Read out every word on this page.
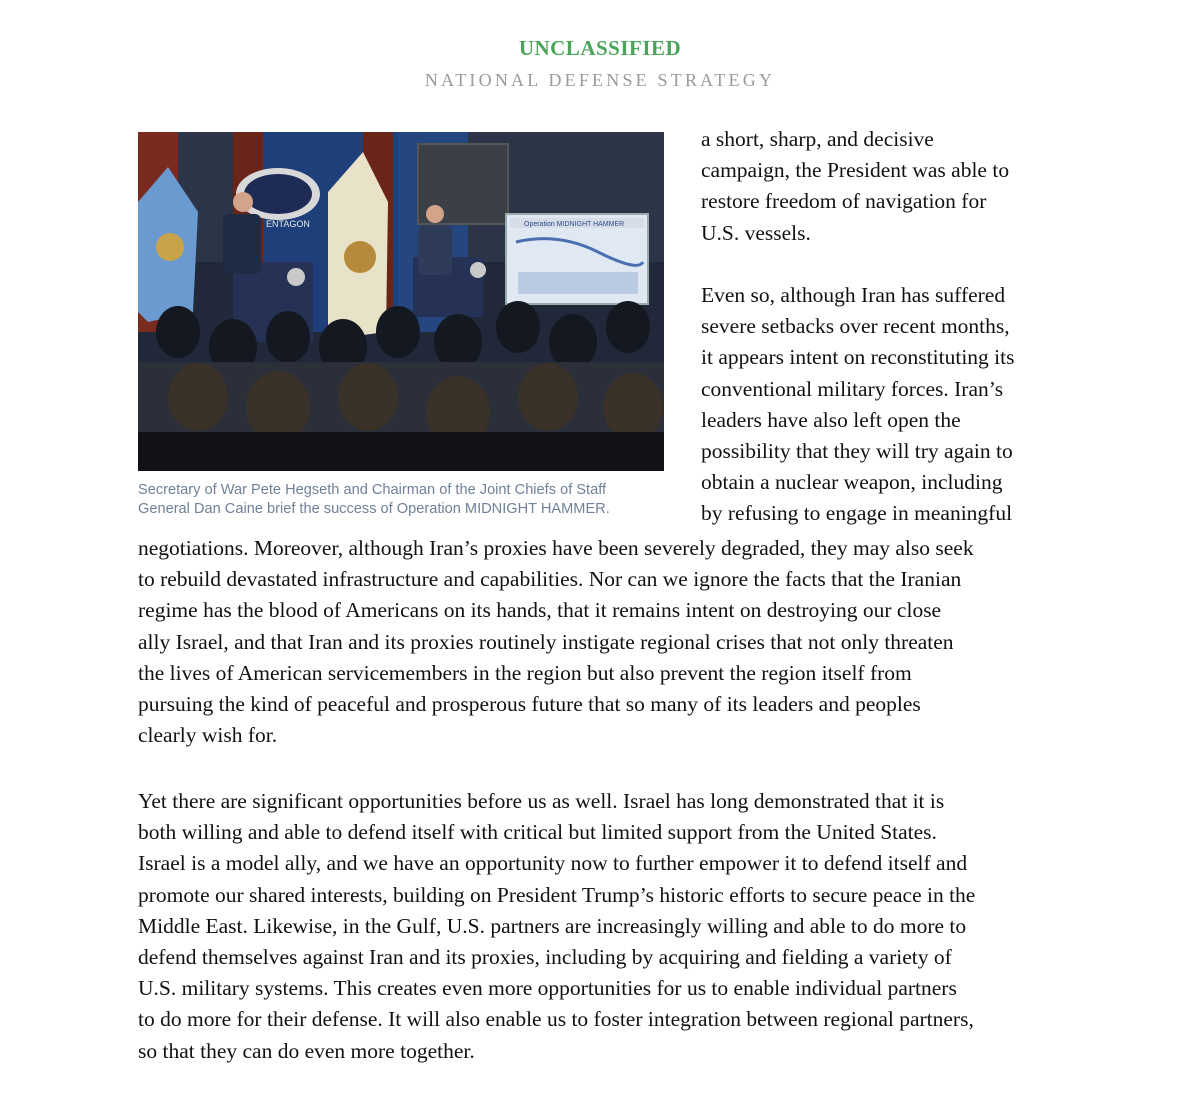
UNCLASSIFIED
NATIONAL DEFENSE STRATEGY
ENTAGON	Operation MIDNIGHT HAMMER
Secretary of War Pete Hegseth and Chairman of the Joint Chiefs of Staff
General Dan Caine brief the success of Operation MIDNIGHT HAMMER.
a short, sharp, and decisive
campaign, the President was able to
restore freedom of navigation for
U.S. vessels.
Even so, although Iran has suffered
severe setbacks over recent months,
it appears intent on reconstituting its
conventional military forces. Iran’s
leaders have also left open the
possibility that they will try again to
obtain a nuclear weapon, including
by refusing to engage in meaningful
negotiations. Moreover, although Iran’s proxies have been severely degraded, they may also seek
to rebuild devastated infrastructure and capabilities. Nor can we ignore the facts that the Iranian
regime has the blood of Americans on its hands, that it remains intent on destroying our close
ally Israel, and that Iran and its proxies routinely instigate regional crises that not only threaten
the lives of American servicemembers in the region but also prevent the region itself from
pursuing the kind of peaceful and prosperous future that so many of its leaders and peoples
clearly wish for.
Yet there are significant opportunities before us as well. Israel has long demonstrated that it is
both willing and able to defend itself with critical but limited support from the United States.
Israel is a model ally, and we have an opportunity now to further empower it to defend itself and
promote our shared interests, building on President Trump’s historic efforts to secure peace in the
Middle East. Likewise, in the Gulf, U.S. partners are increasingly willing and able to do more to
defend themselves against Iran and its proxies, including by acquiring and fielding a variety of
U.S. military systems. This creates even more opportunities for us to enable individual partners
to do more for their defense. It will also enable us to foster integration between regional partners,
so that they can do even more together.
